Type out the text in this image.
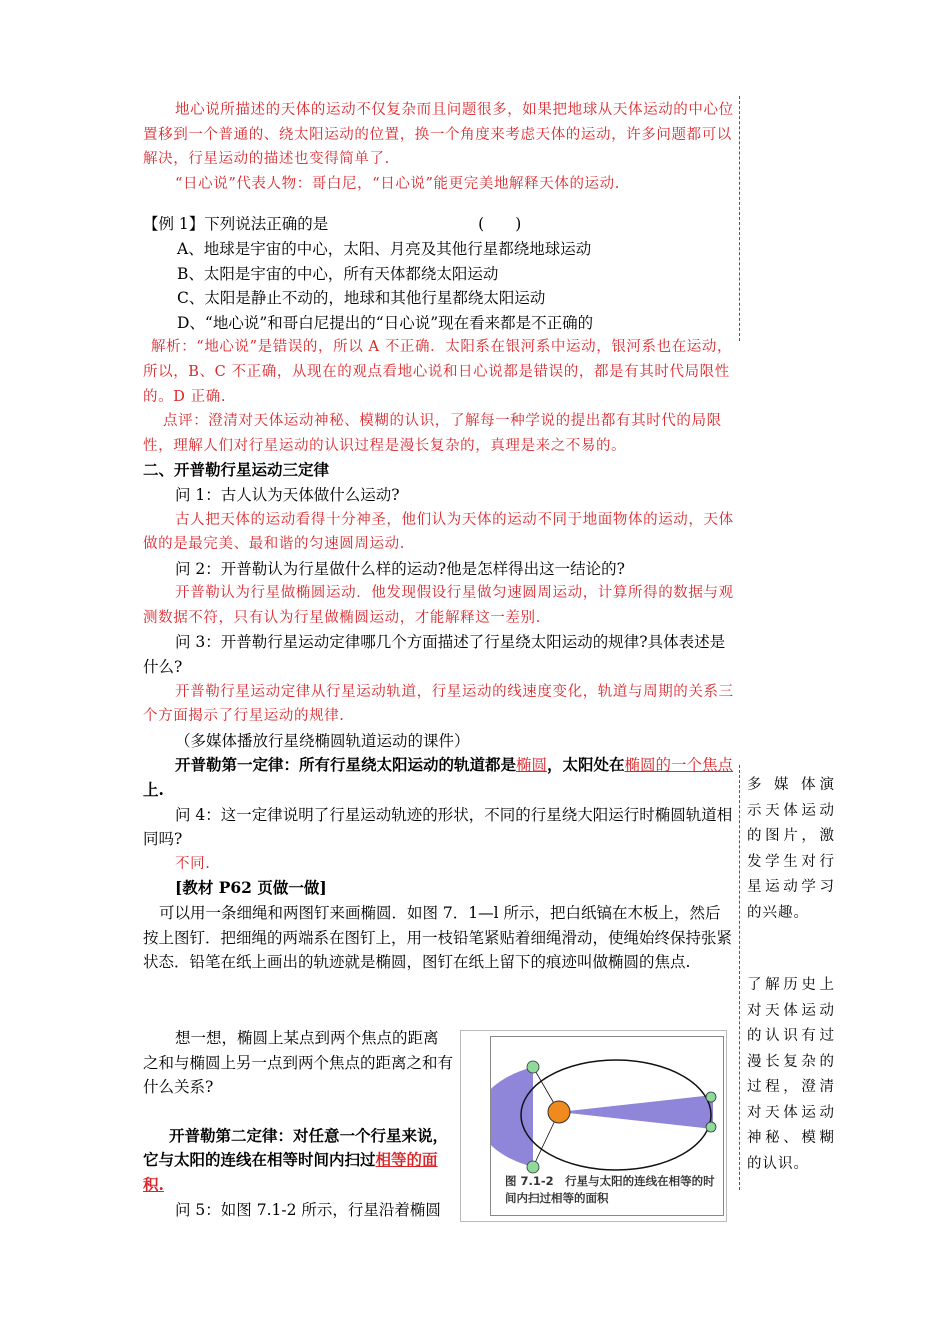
地心说所描述的天体的运动不仅复杂而且问题很多，如果把地球从天体运动的中心位置移到一个普通的、绕太阳运动的位置，换一个角度来考虑天体的运动，许多问题都可以解决，行星运动的描述也变得简单了.

“日心说”代表人物：哥白尼，“日心说”能更完美地解释天体的运动.

【例 1】下列说法正确的是	(　　)

A、地球是宇宙的中心，太阳、月亮及其他行星都绕地球运动

B、太阳是宇宙的中心，所有天体都绕太阳运动

C、太阳是静止不动的，地球和其他行星都绕太阳运动

D、“地心说”和哥白尼提出的“日心说”现在看来都是不正确的

解析：“地心说”是错误的，所以 A 不正确．太阳系在银河系中运动，银河系也在运动，所以，B、C 不正确，从现在的观点看地心说和日心说都是错误的，都是有其时代局限性的。D 正确.

点评：澄清对天体运动神秘、模糊的认识，了解每一种学说的提出都有其时代的局限性，理解人们对行星运动的认识过程是漫长复杂的，真理是来之不易的。

二、开普勒行星运动三定律

问 1：古人认为天体做什么运动?

古人把天体的运动看得十分神圣，他们认为天体的运动不同于地面物体的运动，天体做的是最完美、最和谐的匀速圆周运动.

问 2：开普勒认为行星做什么样的运动?他是怎样得出这一结论的?

开普勒认为行星做椭圆运动．他发现假设行星做匀速圆周运动，计算所得的数据与观测数据不符，只有认为行星做椭圆运动，才能解释这一差别.

问 3：开普勒行星运动定律哪几个方面描述了行星绕太阳运动的规律?具体表述是什么?

开普勒行星运动定律从行星运动轨道，行星运动的线速度变化，轨道与周期的关系三个方面揭示了行星运动的规律.

（多媒体播放行星绕椭圆轨道运动的课件）

开普勒第一定律：所有行星绕太阳运动的轨道都是椭圆，太阳处在椭圆的一个焦点上.

问 4：这一定律说明了行星运动轨迹的形状，不同的行星绕大阳运行时椭圆轨道相同吗?

不同.

[教材 P62 页做一做]

可以用一条细绳和两图钉来画椭圆．如图 7．1—l 所示，把白纸镐在木板上，然后按上图钉．把细绳的两端系在图钉上，用一枝铅笔紧贴着细绳滑动，使绳始终保持张紧状态．铅笔在纸上画出的轨迹就是椭圆，图钉在纸上留下的痕迹叫做椭圆的焦点.

想一想，椭圆上某点到两个焦点的距离之和与椭圆上另一点到两个焦点的距离之和有什么关系?

开普勒第二定律：对任意一个行星来说，它与太阳的连线在相等时间内扫过相等的面积.

问 5：如图 7.1-2 所示，行星沿着椭圆

图 7.1-2　行星与太阳的连线在相等的时间内扫过相等的面积
多 媒 体演示天体运动的图片，激发学生对行星运动学习的兴趣。
了解历史上对天体运动的认识有过漫长复杂的过程，澄清对天体运动神秘、模糊的认识。
